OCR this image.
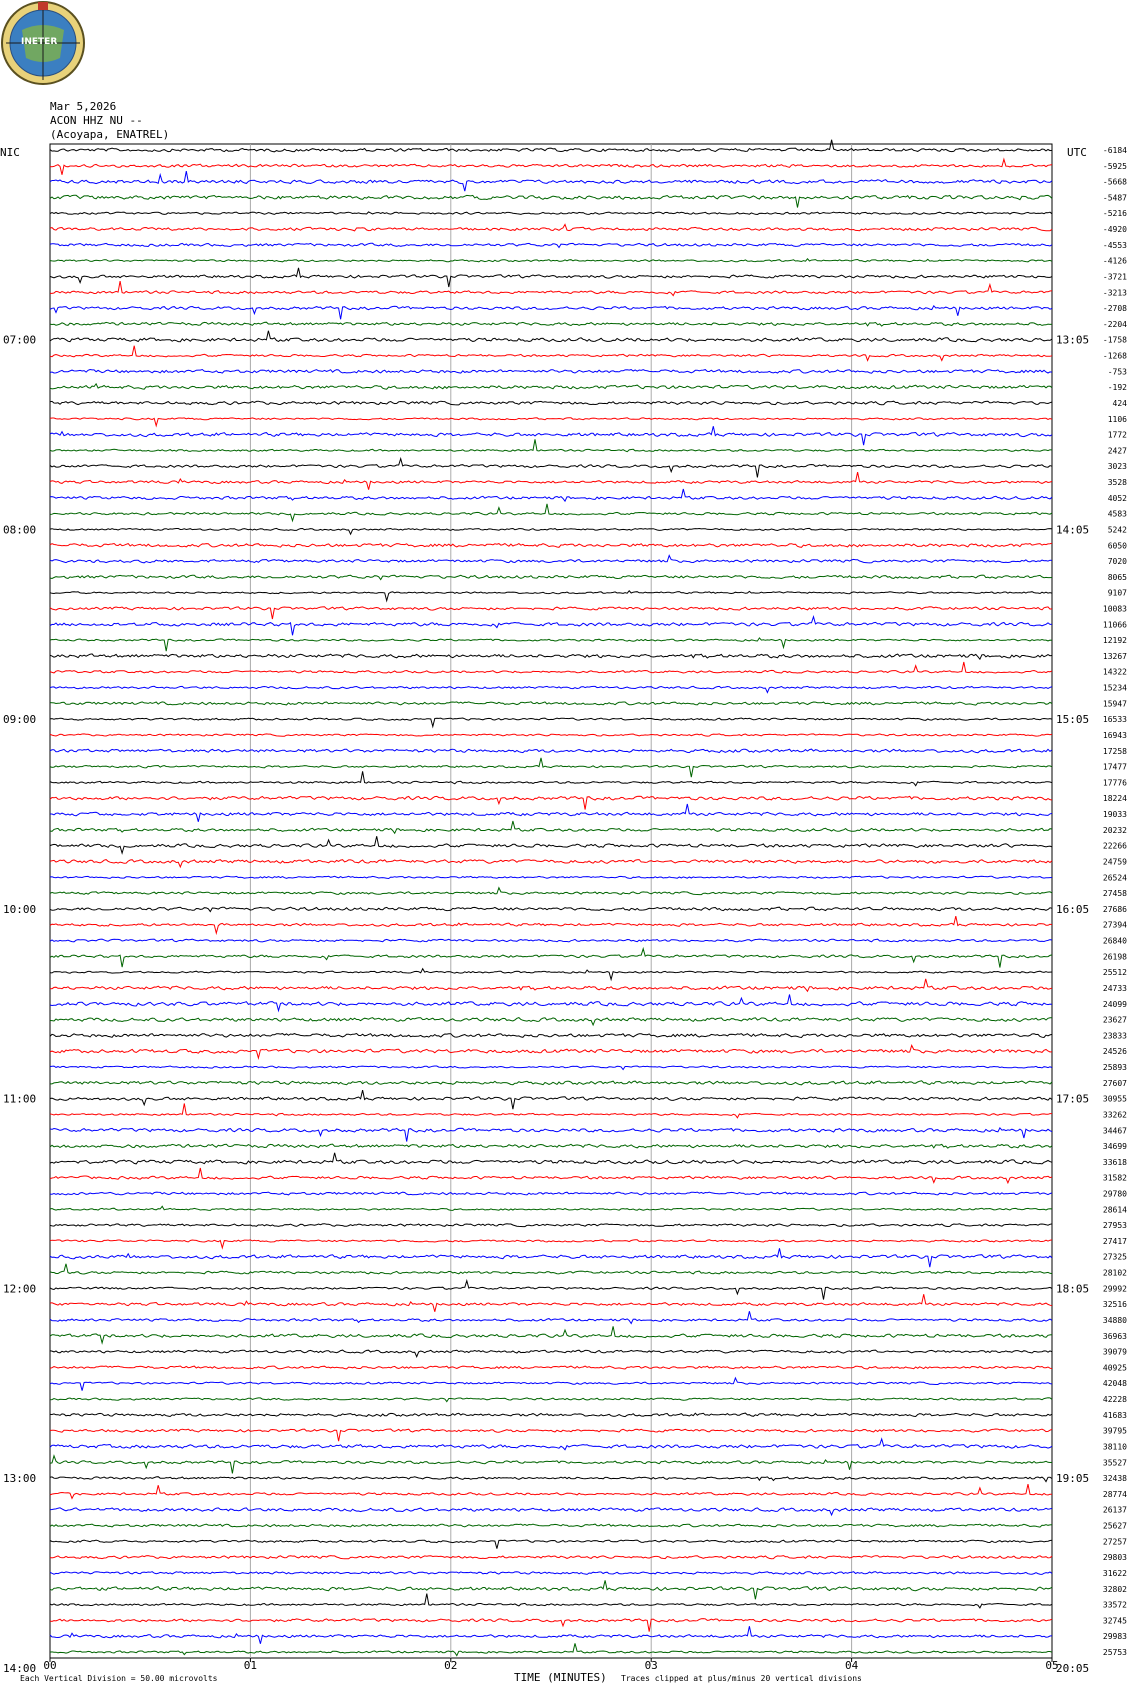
INETER
Mar 5,2026
ACON HHZ NU --
(Acoyapa, ENATREL)
NIC	UTC -6184
-5925
-5668
-5487
-5216
-4920
-4553
-4126
-3721
-3213
-2708
-2204
-1758
-1268
-753
-192
424
1106
1772
2427
3023
3528
4052
4583
5242
6050
7020
8065
9107
10083
11066
12192
13267
14322
15234
15947
16533
16943
17258
17477
17776
18224
19033
20232
22266
24759
26524
27458
27686
27394
26840
26198
25512
24733
24099
23627
23833
24526
25893
27607
30955
33262
34467
34699
33618
31582
29780
28614
27953
27417
27325
28102
29992
32516
34880
36963
39079
40925
42048
42228
41683
39795
38110
35527
32438
28774
26137
25627
27257
29803
31622
32802
33572
32745
29983
25753
07:00	13:05
08:00	14:05
09:00	15:05
10:00	16:05
11:00	17:05
12:00	18:05
13:00	19:05
14:00	20:05
00	01	02	03	04	05
Each Vertical Division = 50.00 microvolts	Traces clipped at plus/minus 20 vertical divisions
TIME (MINUTES)
